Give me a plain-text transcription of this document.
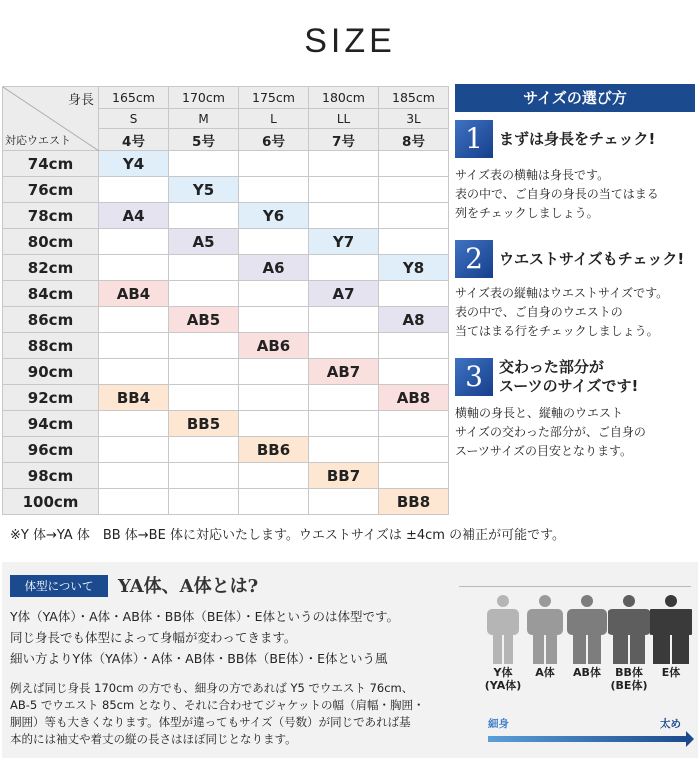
SIZE
身長
対応ウエスト	165cm	170cm	175cm	180cm	185cm
	S	M	L	LL	3L
	4号	5号	6号	7号	8号
74cm	Y4				
76cm		Y5			
78cm	A4		Y6		
80cm		A5		Y7	
82cm			A6		Y8
84cm	AB4			A7	
86cm		AB5			A8
88cm			AB6		
90cm				AB7	
92cm	BB4				AB8
94cm		BB5			
96cm			BB6		
98cm				BB7	
100cm					BB8
サイズの選び方
1	まずは身長をチェック!
サイズ表の横軸は身長です。
表の中で、ご自身の身長の当てはまる
列をチェックしましょう。
2	ウエストサイズもチェック!
サイズ表の縦軸はウエストサイズです。
表の中で、ご自身のウエストの
当てはまる行をチェックしましょう。
3	交わった部分が
スーツのサイズです!
横軸の身長と、縦軸のウエスト
サイズの交わった部分が、ご自身の
スーツサイズの目安となります。
※Y 体→YA 体　BB 体→BE 体に対応いたします。ウエストサイズは ±4cm の補正が可能です。
体型について	YA体、A体とは?
Y体（YA体）・A体・AB体・BB体（BE体）・E体というのは体型です。
同じ身長でも体型によって身幅が変わってきます。
細い方よりY体（YA体）・A体・AB体・BB体（BE体）・E体という風
例えば同じ身長 170cm の方でも、細身の方であれば Y5 でウエスト 76cm、
AB-5 でウエスト 85cm となり、それに合わせてジャケットの幅（肩幅・胸囲・
胴囲）等も大きくなります。体型が違ってもサイズ（号数）が同じであれば基
本的には袖丈や着丈の縦の長さはほぼ同じとなります。
Y体
(YA体)
A体	AB体	BB体
(BE体)
E体
細身	太め
